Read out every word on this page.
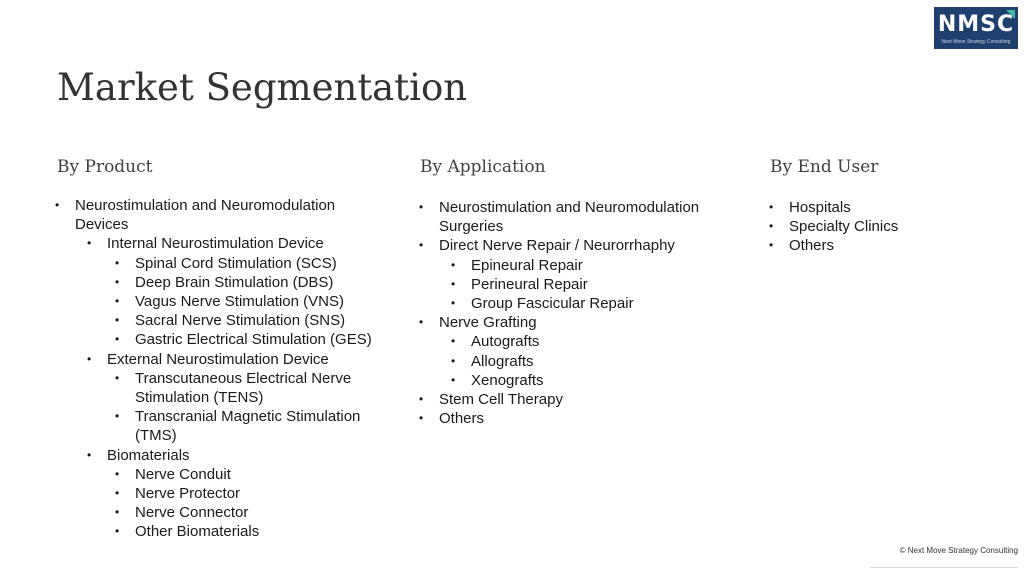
NMSC
Next Move Strategy Consulting
Market Segmentation
By Product	By Application	By End User
• Neurostimulation and Neuromodulation Devices
• Internal Neurostimulation Device
• Spinal Cord Stimulation (SCS)
• Deep Brain Stimulation (DBS)
• Vagus Nerve Stimulation (VNS)
• Sacral Nerve Stimulation (SNS)
• Gastric Electrical Stimulation (GES)
• External Neurostimulation Device
• Transcutaneous Electrical Nerve Stimulation (TENS)
• Transcranial Magnetic Stimulation (TMS)
• Biomaterials
• Nerve Conduit
• Nerve Protector
• Nerve Connector
• Other Biomaterials
• Neurostimulation and Neuromodulation Surgeries
• Direct Nerve Repair / Neurorrhaphy
• Epineural Repair
• Perineural Repair
• Group Fascicular Repair
• Nerve Grafting
• Autografts
• Allografts
• Xenografts
• Stem Cell Therapy
• Others
• Hospitals
• Specialty Clinics
• Others
© Next Move Strategy Consulting
